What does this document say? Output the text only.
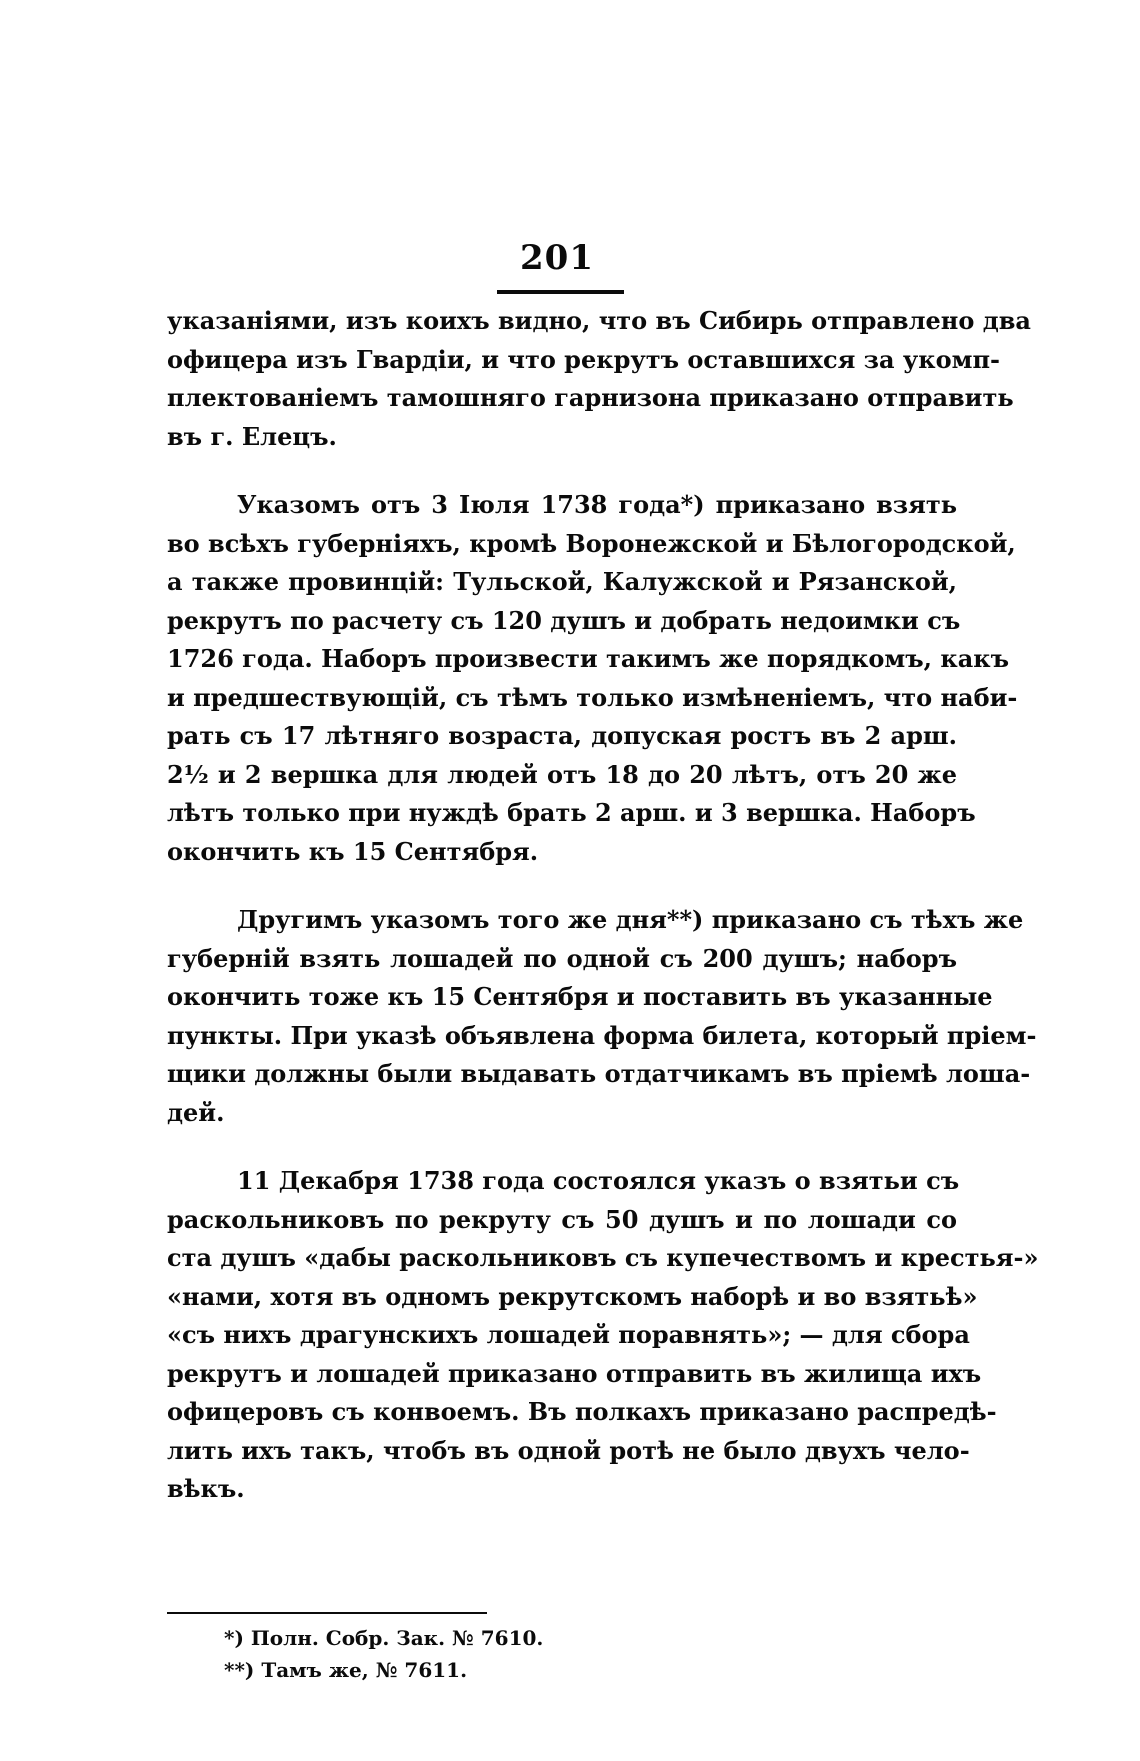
201
указаніями, изъ коихъ видно, что въ Сибирь отправлено два
офицера изъ Гвардіи, и что рекрутъ оставшихся за укомп-
плектованіемъ тамошняго гарнизона приказано отправить
въ г. Елецъ.
Указомъ отъ 3 Іюля 1738 года*) приказано взять
во всѣхъ губерніяхъ, кромѣ Воронежской и Бѣлогородской,
а также провинцій: Тульской, Калужской и Рязанской,
рекрутъ по расчету съ 120 душъ и добрать недоимки съ
1726 года. Наборъ произвести такимъ же порядкомъ, какъ
и предшествующій, съ тѣмъ только измѣненіемъ, что наби-
рать съ 17 лѣтняго возраста, допуская ростъ въ 2 арш.
2½ и 2 вершка для людей отъ 18 до 20 лѣтъ, отъ 20 же
лѣтъ только при нуждѣ брать 2 арш. и 3 вершка. Наборъ
окончить къ 15 Сентября.
Другимъ указомъ того же дня**) приказано съ тѣхъ же
губерній взять лошадей по одной съ 200 душъ; наборъ
окончить тоже къ 15 Сентября и поставить въ указанные
пункты. При указѣ объявлена форма билета, который пріем-
щики должны были выдавать отдатчикамъ въ пріемѣ лоша-
дей.
11 Декабря 1738 года состоялся указъ о взятьи съ
раскольниковъ по рекруту съ 50 душъ и по лошади со
ста душъ «дабы раскольниковъ съ купечествомъ и крестья-»
«нами, хотя въ одномъ рекрутскомъ наборѣ и во взятьѣ»
«съ нихъ драгунскихъ лошадей поравнять»; — для сбора
рекрутъ и лошадей приказано отправить въ жилища ихъ
офицеровъ съ конвоемъ. Въ полкахъ приказано распредѣ-
лить ихъ такъ, чтобъ въ одной ротѣ не было двухъ чело-
вѣкъ.
*) Полн. Собр. Зак. № 7610.
**) Тамъ же, № 7611.
